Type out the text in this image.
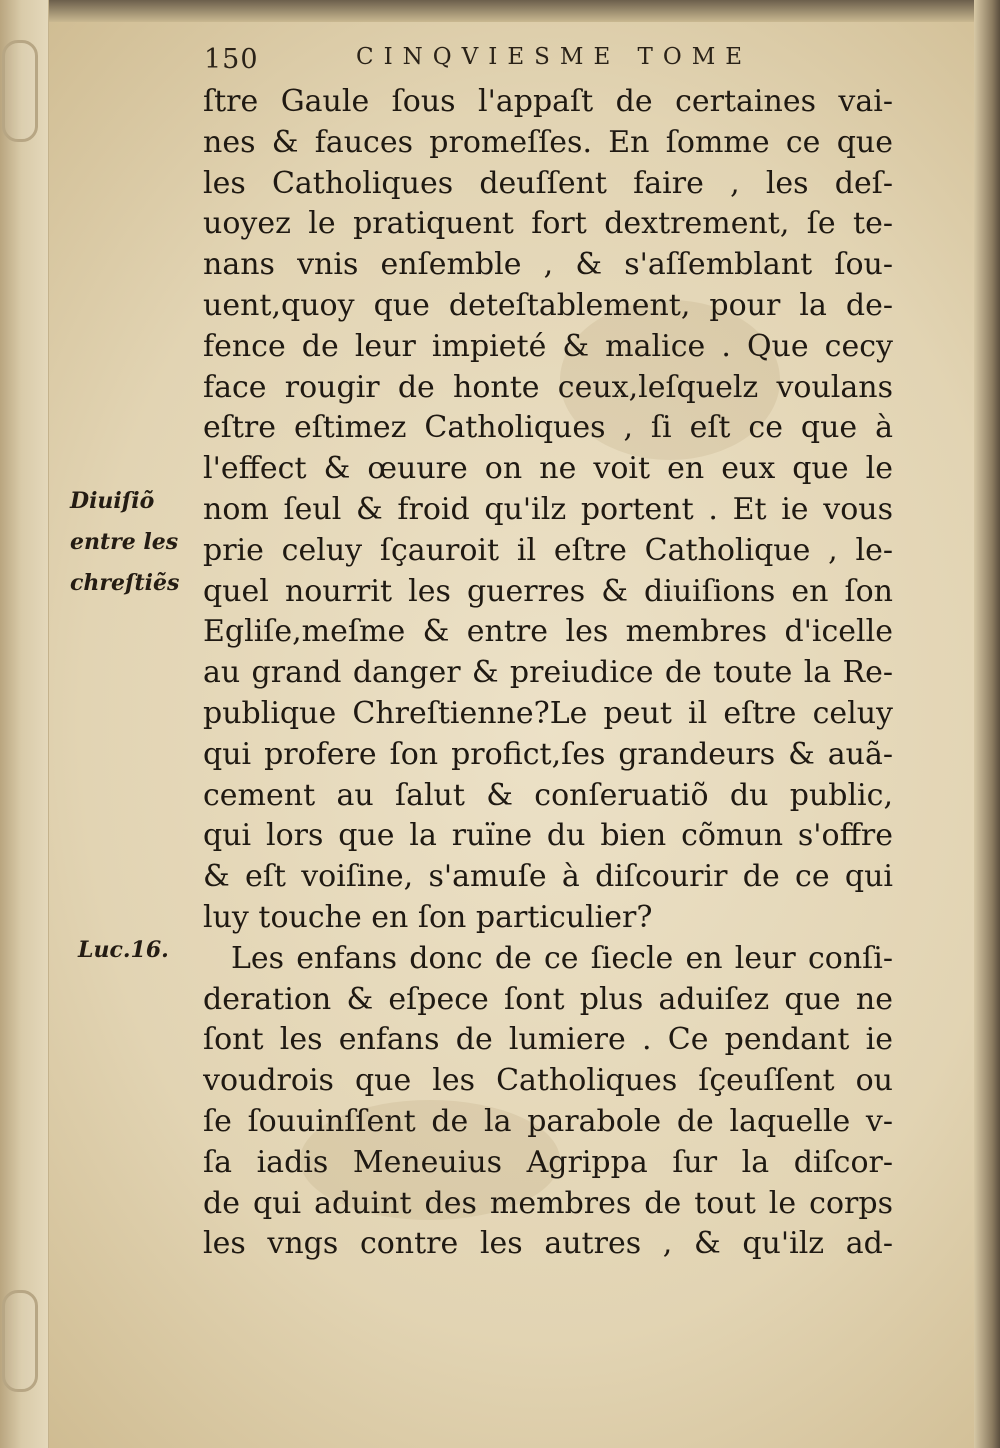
150	CINQVIESME TOME
ſtre Gaule ſous l'appaſt de certaines vai-
nes & fauces promeſſes. En ſomme ce que
les Catholiques deuſſent faire , les deſ-
uoyez le pratiquent fort dextrement, ſe te-
nans vnis enſemble , & s'aſſemblant ſou-
uent,quoy que deteſtablement, pour la de-
fence de leur impieté & malice . Que cecy
face rougir de honte ceux,leſquelz voulans
eſtre eſtimez Catholiques , ſi eſt ce que à
l'effect & œuure on ne voit en eux que le
nom ſeul & froid qu'ilz portent . Et ie vous
prie celuy ſçauroit il eſtre Catholique , le-
quel nourrit les guerres & diuiſions en ſon
Egliſe,meſme & entre les membres d'icelle
au grand danger & preiudice de toute la Re-
publique Chreſtienne?Le peut il eſtre celuy
qui profere ſon profict,ſes grandeurs & auã-
cement au ſalut & conſeruatiõ du public,
qui lors que la ruïne du bien cõmun s'offre
& eſt voiſine, s'amuſe à diſcourir de ce qui
luy touche en ſon particulier?
Les enfans donc de ce ſiecle en leur conſi-
deration & eſpece ſont plus aduiſez que ne
ſont les enfans de lumiere . Ce pendant ie
voudrois que les Catholiques ſçeuſſent ou
ſe ſouuinſſent de la parabole de laquelle v-
ſa iadis Meneuius Agrippa ſur la diſcor-
de qui aduint des membres de tout le corps
les vngs contre les autres , & qu'ilz ad-
Diuiſiõ
entre les
chreſtiẽs
Luc.16.
